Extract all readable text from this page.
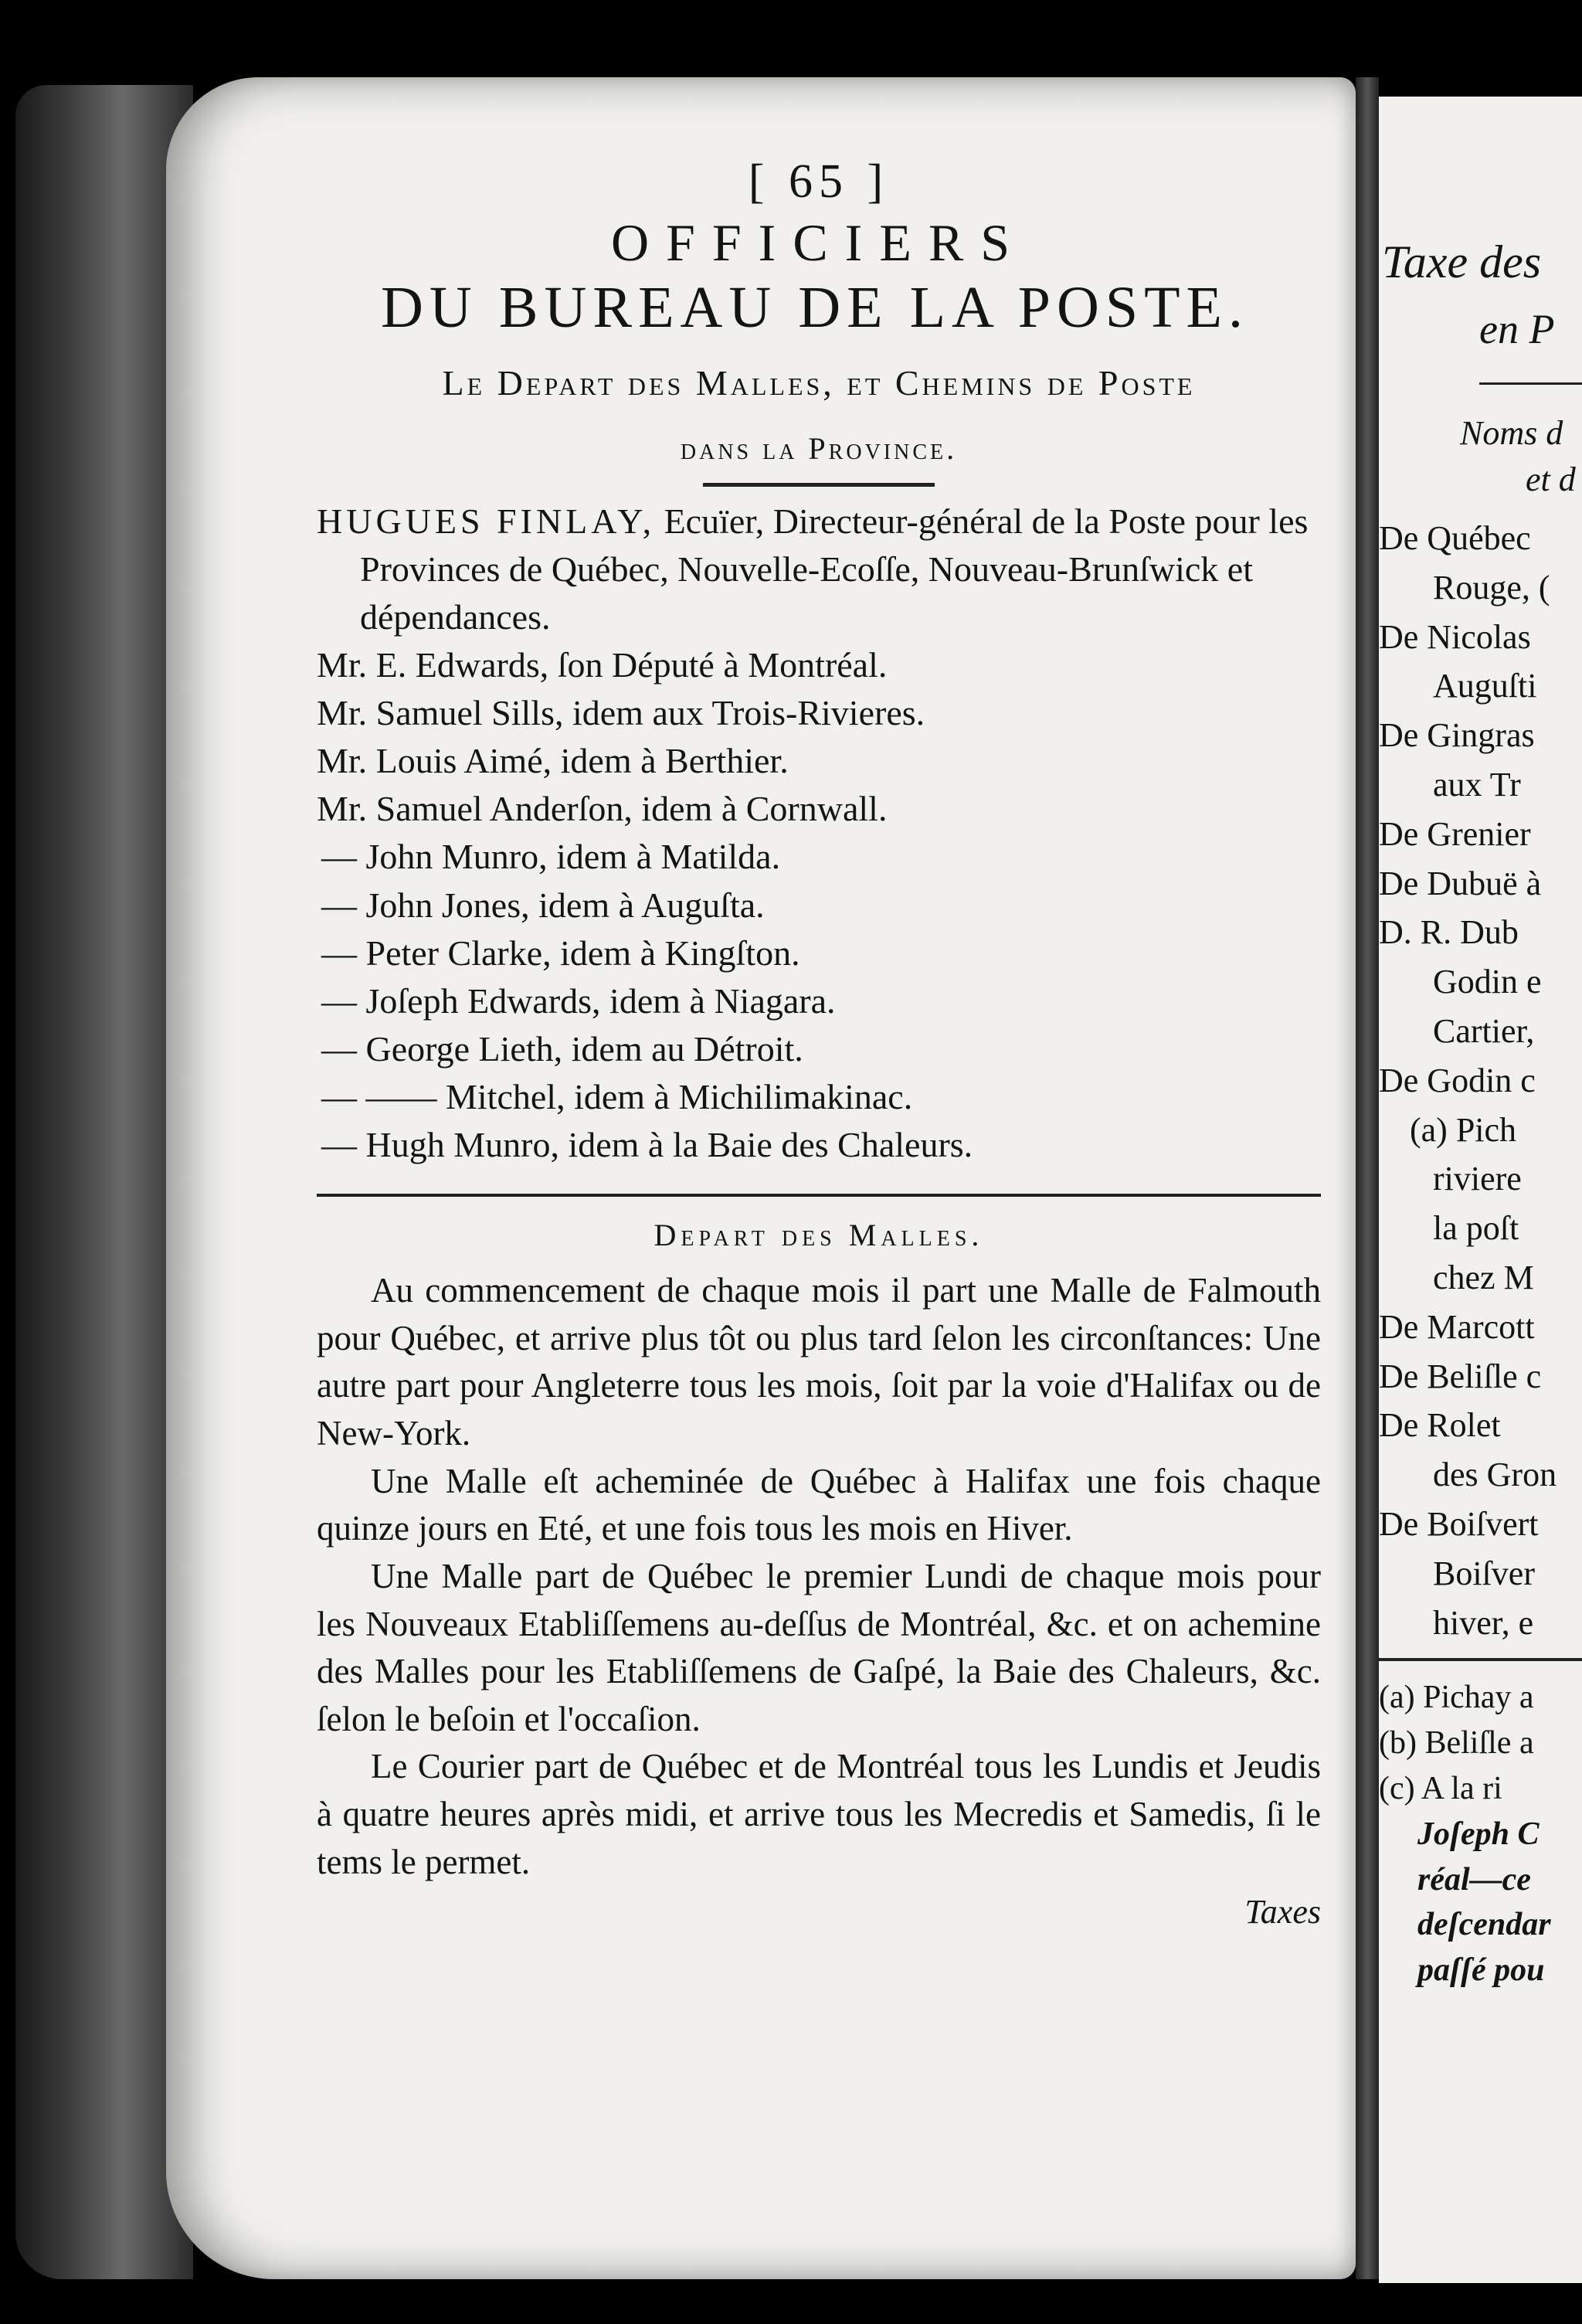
[ 65 ]
OFFICIERS
DU BUREAU DE LA POSTE.
Le Depart des Malles, et Chemins de Poste
dans la Province.

HUGUES FINLAY, Ecuïer, Directeur-général de la Poste pour les Provinces de Québec, Nouvelle-Ecoſſe, Nouveau-Brunſwick et dépendances.

Mr. E. Edwards, ſon Député à Montréal.

Mr. Samuel Sills, idem aux Trois-Rivieres.

Mr. Louis Aimé, idem à Berthier.

Mr. Samuel Anderſon, idem à Cornwall.

— John Munro, idem à Matilda.

— John Jones, idem à Auguſta.

— Peter Clarke, idem à Kingſton.

— Joſeph Edwards, idem à Niagara.

— George Lieth, idem au Détroit.

— —— Mitchel, idem à Michilimakinac.

— Hugh Munro, idem à la Baie des Chaleurs.

Depart des Malles.

Au commencement de chaque mois il part une Malle de Falmouth pour Québec, et arrive plus tôt ou plus tard ſelon les circonſtances: Une autre part pour Angleterre tous les mois, ſoit par la voie d'Halifax ou de New-York.

Une Malle eſt acheminée de Québec à Halifax une fois chaque quinze jours en Eté, et une fois tous les mois en Hiver.

Une Malle part de Québec le premier Lundi de chaque mois pour les Nouveaux Etabliſſemens au-deſſus de Montréal, &c. et on achemine des Malles pour les Etabliſſemens de Gaſpé, la Baie des Chaleurs, &c. ſelon le beſoin et l'occaſion.

Le Courier part de Québec et de Montréal tous les Lundis et Jeudis à quatre heures après midi, et arrive tous les Mecredis et Samedis, ſi le tems le permet.

Taxes
Taxe des
en P
Noms d
et d

De Québec

Rouge, (

De Nicolas

Auguſti

De Gingras

aux Tr

De Grenier

De Dubuë à

D. R. Dub

Godin e

Cartier,

De Godin c

(a) Pich

riviere

la poſt

chez M

De Marcott

De Beliſle c

De Rolet

des Gron

De Boiſvert

Boiſver

hiver, e

(a) Pichay a

(b) Beliſle a

(c) A la ri

Joſeph C

réal—ce

deſcendar

paſſé pou
